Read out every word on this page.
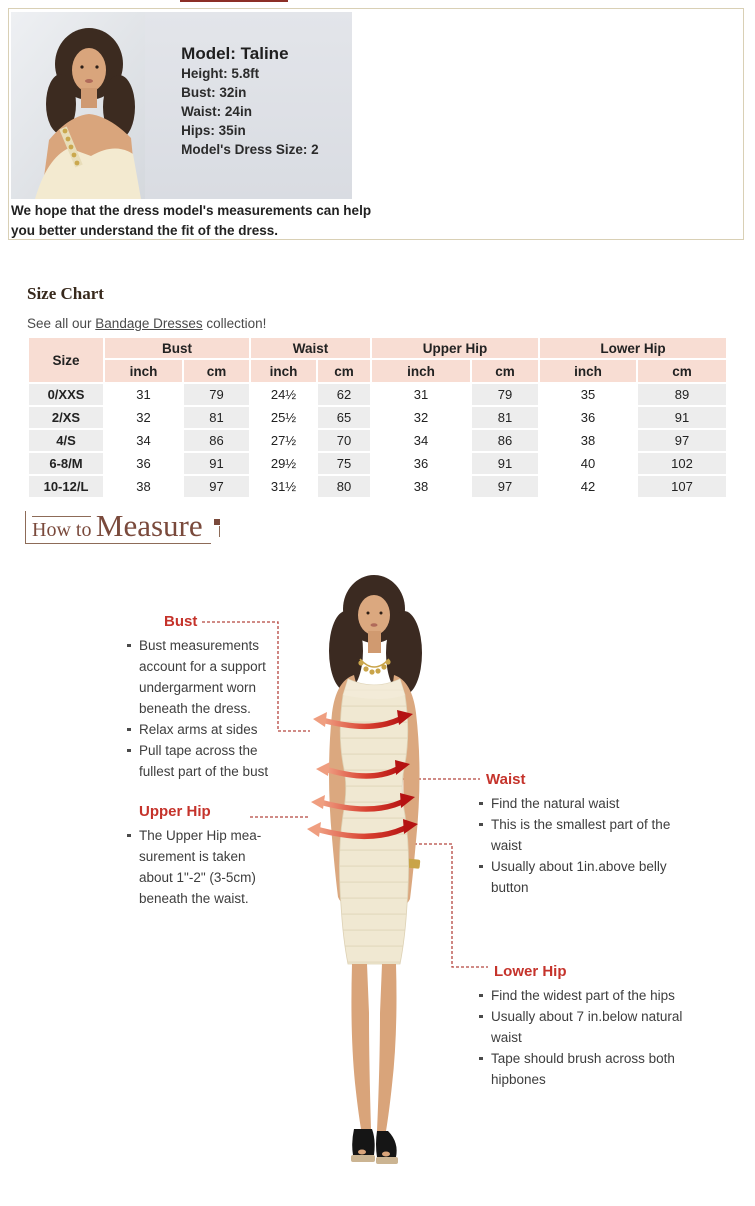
Model: Taline
Height: 5.8ft
Bust: 32in
Waist: 24in
Hips: 35in
Model's Dress Size: 2
We hope that the dress model's measurements can help
you better understand the fit of the dress.
Size Chart

See all our Bandage Dresses collection!

Size	Bust		Waist		Upper Hip		Lower Hip	
	inch	cm	inch	cm	inch	cm	inch	cm
0/XXS	31	79	24½	62	31	79	35	89
2/XS	32	81	25½	65	32	81	36	91
4/S	34	86	27½	70	34	86	38	97
6-8/M	36	91	29½	75	36	91	40	102
10-12/L	38	97	31½	80	38	97	42	107
How to Measure
Bust
Bust measurements account for a support undergarment worn beneath the dress.
Relax arms at sides
Pull tape across the fullest part of the bust
Upper Hip
The Upper Hip mea-surement is taken about 1"-2" (3-5cm) beneath the waist.
Waist
Find the natural waist
This is the smallest part of the waist
Usually about 1in.above belly button
Lower Hip
Find the widest part of the hips
Usually about 7 in.below natural waist
Tape should brush across both hipbones
